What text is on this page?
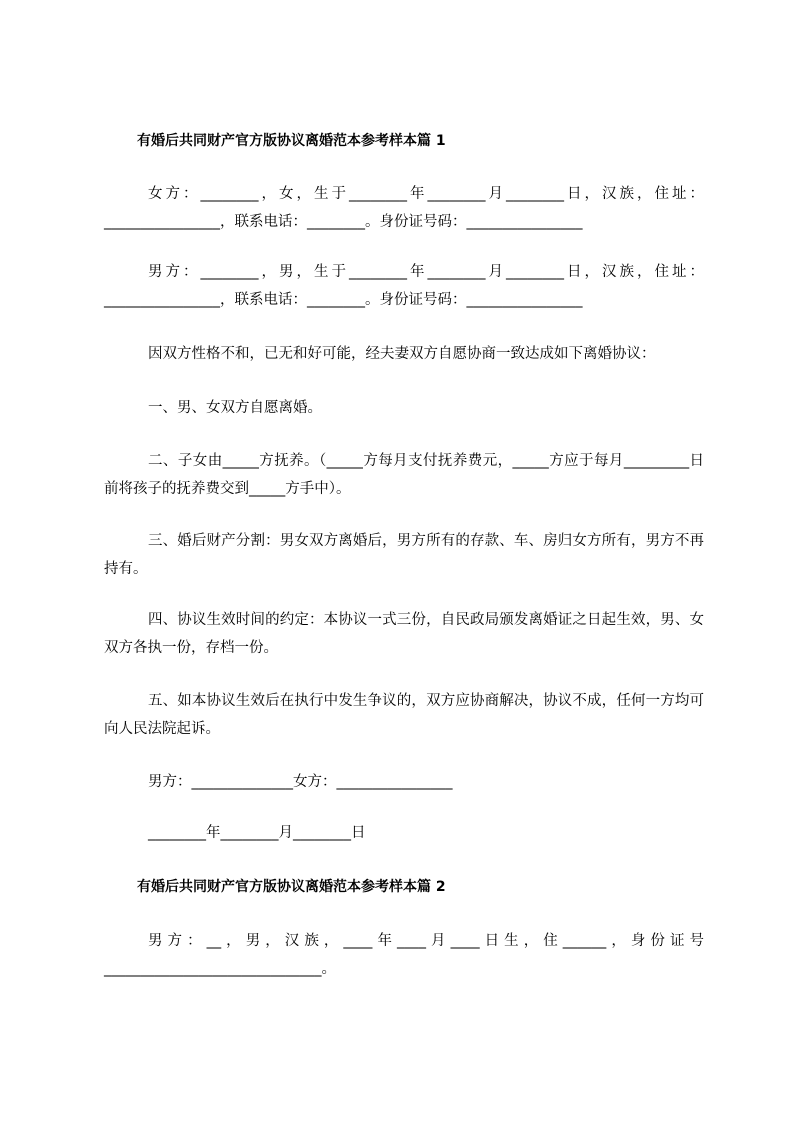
有婚后共同财产官方版协议离婚范本参考样本篇 1
女方：________，女，生于________年________月________日，汉族，住址：________________，联系电话：________。身份证号码：________________
男方：________，男，生于________年________月________日，汉族，住址：________________，联系电话：________。身份证号码：________________
因双方性格不和，已无和好可能，经夫妻双方自愿协商一致达成如下离婚协议：
一、男、女双方自愿离婚。
二、子女由_____方抚养。（_____方每月支付抚养费元，_____方应于每月_________日前将孩子的抚养费交到_____方手中）。
三、婚后财产分割：男女双方离婚后，男方所有的存款、车、房归女方所有，男方不再持有。
四、协议生效时间的约定：本协议一式三份，自民政局颁发离婚证之日起生效，男、女双方各执一份，存档一份。
五、如本协议生效后在执行中发生争议的，双方应协商解决，协议不成，任何一方均可向人民法院起诉。
男方：______________女方：________________
________年________月________日
有婚后共同财产官方版协议离婚范本参考样本篇 2
男方：__，男，汉族，____年____月____日生，住______，身份证号______________________________。
